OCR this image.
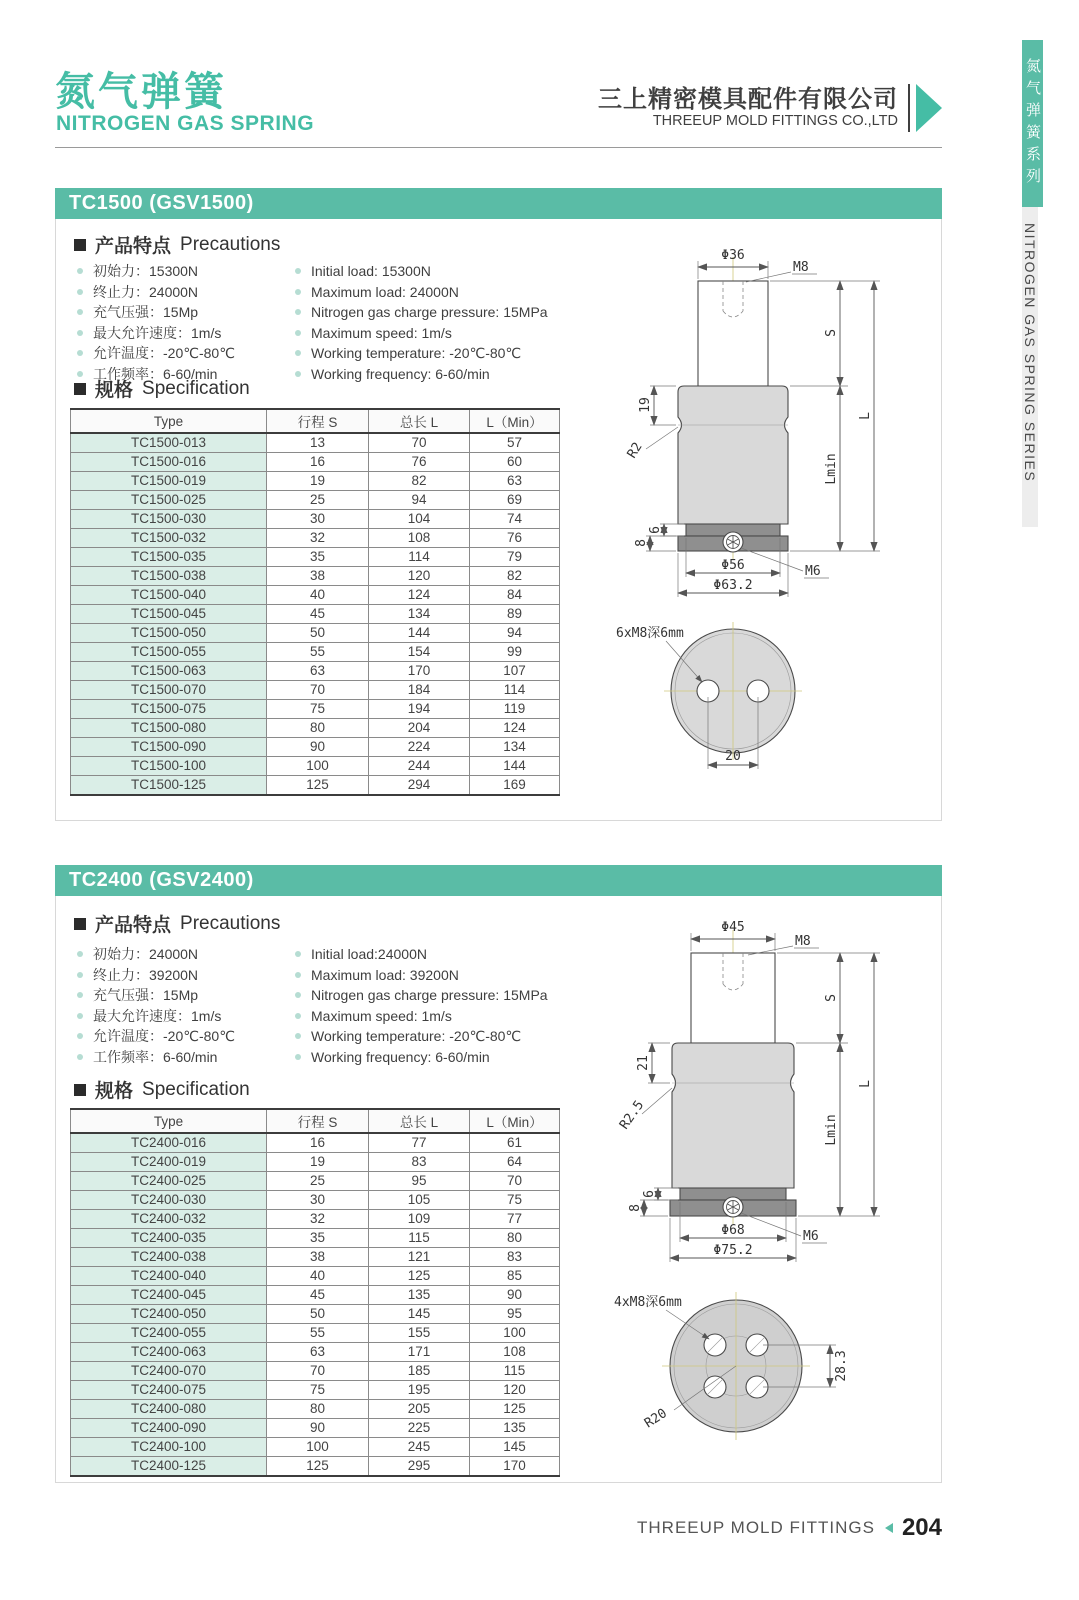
氮气弹簧
NITROGEN GAS SPRING
三上精密模具配件有限公司
THREEUP MOLD FITTINGS CO.,LTD	氮气弹簧系列
NITROGEN GAS SPRING SERIES
TC1500 (GSV1500)
产品特点 Precautions
初始力：15300N
终止力：24000N
充气压强：15Mp
最大允许速度：1m/s
允许温度：-20℃-80℃
工作频率：6-60/min
Initial load: 15300N
Maximum load: 24000N
Nitrogen gas charge pressure: 15MPa
Maximum speed: 1m/s
Working temperature: -20℃-80℃
Working frequency: 6-60/min
规格 Specification
Type	行程 S	总长 L	L（Min）
TC1500-013	13	70	57
TC1500-016	16	76	60
TC1500-019	19	82	63
TC1500-025	25	94	69
TC1500-030	30	104	74
TC1500-032	32	108	76
TC1500-035	35	114	79
TC1500-038	38	120	82
TC1500-040	40	124	84
TC1500-045	45	134	89
TC1500-050	50	144	94
TC1500-055	55	154	99
TC1500-063	63	170	107
TC1500-070	70	184	114
TC1500-075	75	194	119
TC1500-080	80	204	124
TC1500-090	90	224	134
TC1500-100	100	244	144
TC1500-125	125	294	169
Φ36
M8
19
R2
6
8
S
Lmin
L
M6
Φ56
Φ63.2
6xM8深6mm
20
TC2400 (GSV2400)
产品特点 Precautions
初始力：24000N
终止力：39200N
充气压强：15Mp
最大允许速度：1m/s
允许温度：-20℃-80℃
工作频率：6-60/min
Initial load:24000N
Maximum load: 39200N
Nitrogen gas charge pressure: 15MPa
Maximum speed: 1m/s
Working temperature: -20℃-80℃
Working frequency: 6-60/min
规格 Specification
Type	行程 S	总长 L	L（Min）
TC2400-016	16	77	61
TC2400-019	19	83	64
TC2400-025	25	95	70
TC2400-030	30	105	75
TC2400-032	32	109	77
TC2400-035	35	115	80
TC2400-038	38	121	83
TC2400-040	40	125	85
TC2400-045	45	135	90
TC2400-050	50	145	95
TC2400-055	55	155	100
TC2400-063	63	171	108
TC2400-070	70	185	115
TC2400-075	75	195	120
TC2400-080	80	205	125
TC2400-090	90	225	135
TC2400-100	100	245	145
TC2400-125	125	295	170
Φ45
M8
21
R2.5
6
8
S
Lmin
L
M6
Φ68
Φ75.2
4xM8深6mm
R20
28.3
THREEUP MOLD FITTINGS 204
